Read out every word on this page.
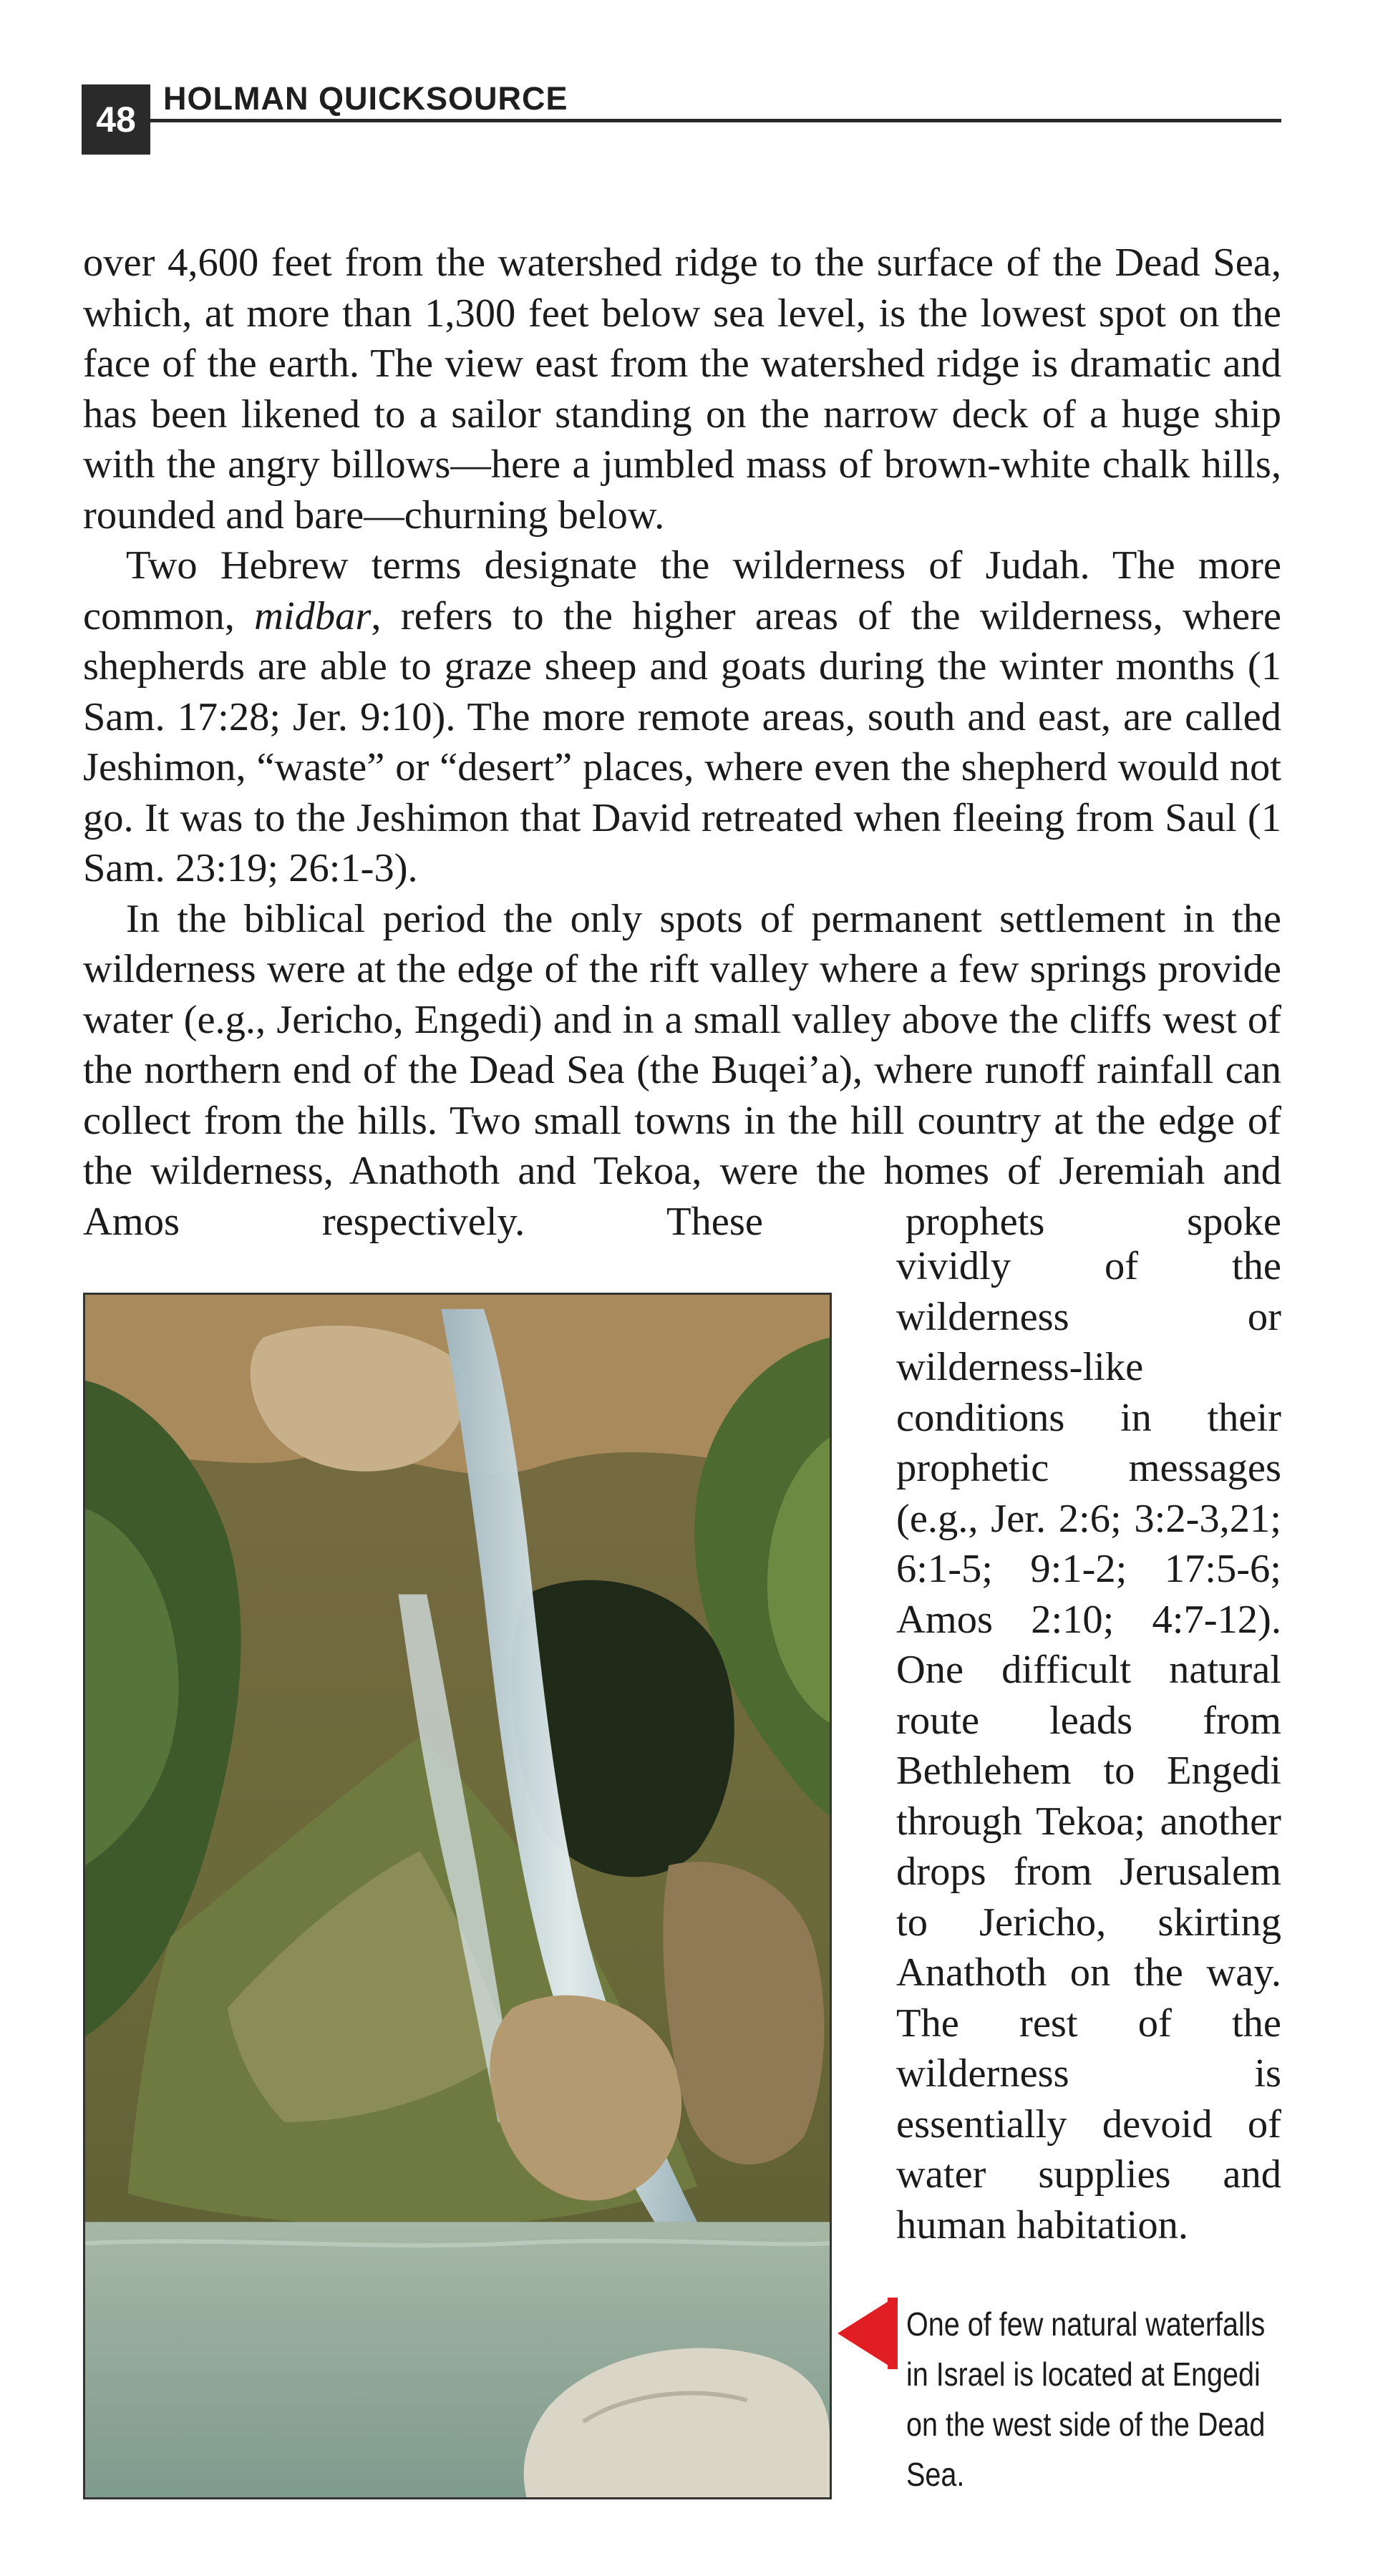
48
HOLMAN QUICKSOURCE

over 4,600 feet from the watershed ridge to the surface of the Dead Sea, which, at more than 1,300 feet below sea level, is the lowest spot on the face of the earth. The view east from the watershed ridge is dramatic and has been likened to a sailor standing on the narrow deck of a huge ship with the angry billows—here a jumbled mass of brown-white chalk hills, rounded and bare—churning below.

Two Hebrew terms designate the wilderness of Judah. The more common, midbar, refers to the higher areas of the wilderness, where shepherds are able to graze sheep and goats during the winter months (1 Sam. 17:28; Jer. 9:10). The more remote areas, south and east, are called Jeshimon, “waste” or “desert” places, where even the shepherd would not go. It was to the Jeshimon that David retreated when fleeing from Saul (1 Sam. 23:19; 26:1-3).

In the biblical period the only spots of permanent settlement in the wilderness were at the edge of the rift valley where a few springs provide water (e.g., Jericho, Engedi) and in a small valley above the cliffs west of the northern end of the Dead Sea (the Buqei’a), where runoff rainfall can collect from the hills. Two small towns in the hill country at the edge of the wilderness, Anathoth and Tekoa, were the homes of Jeremiah and Amos respectively. These prophets spoke

vividly of the wilderness or wilderness-like conditions in their prophetic messages (e.g., Jer. 2:6; 3:2-3,21; 6:1-5; 9:1-2; 17:5-6; Amos 2:10; 4:7-12). One difficult natural route leads from Bethlehem to Engedi through Tekoa; another drops from Jerusalem to Jericho, skirting Anathoth on the way. The rest of the wilderness is essentially devoid of water supplies and human habitation.

One of few natural waterfalls in Israel is located at Engedi on the west side of the Dead Sea.
